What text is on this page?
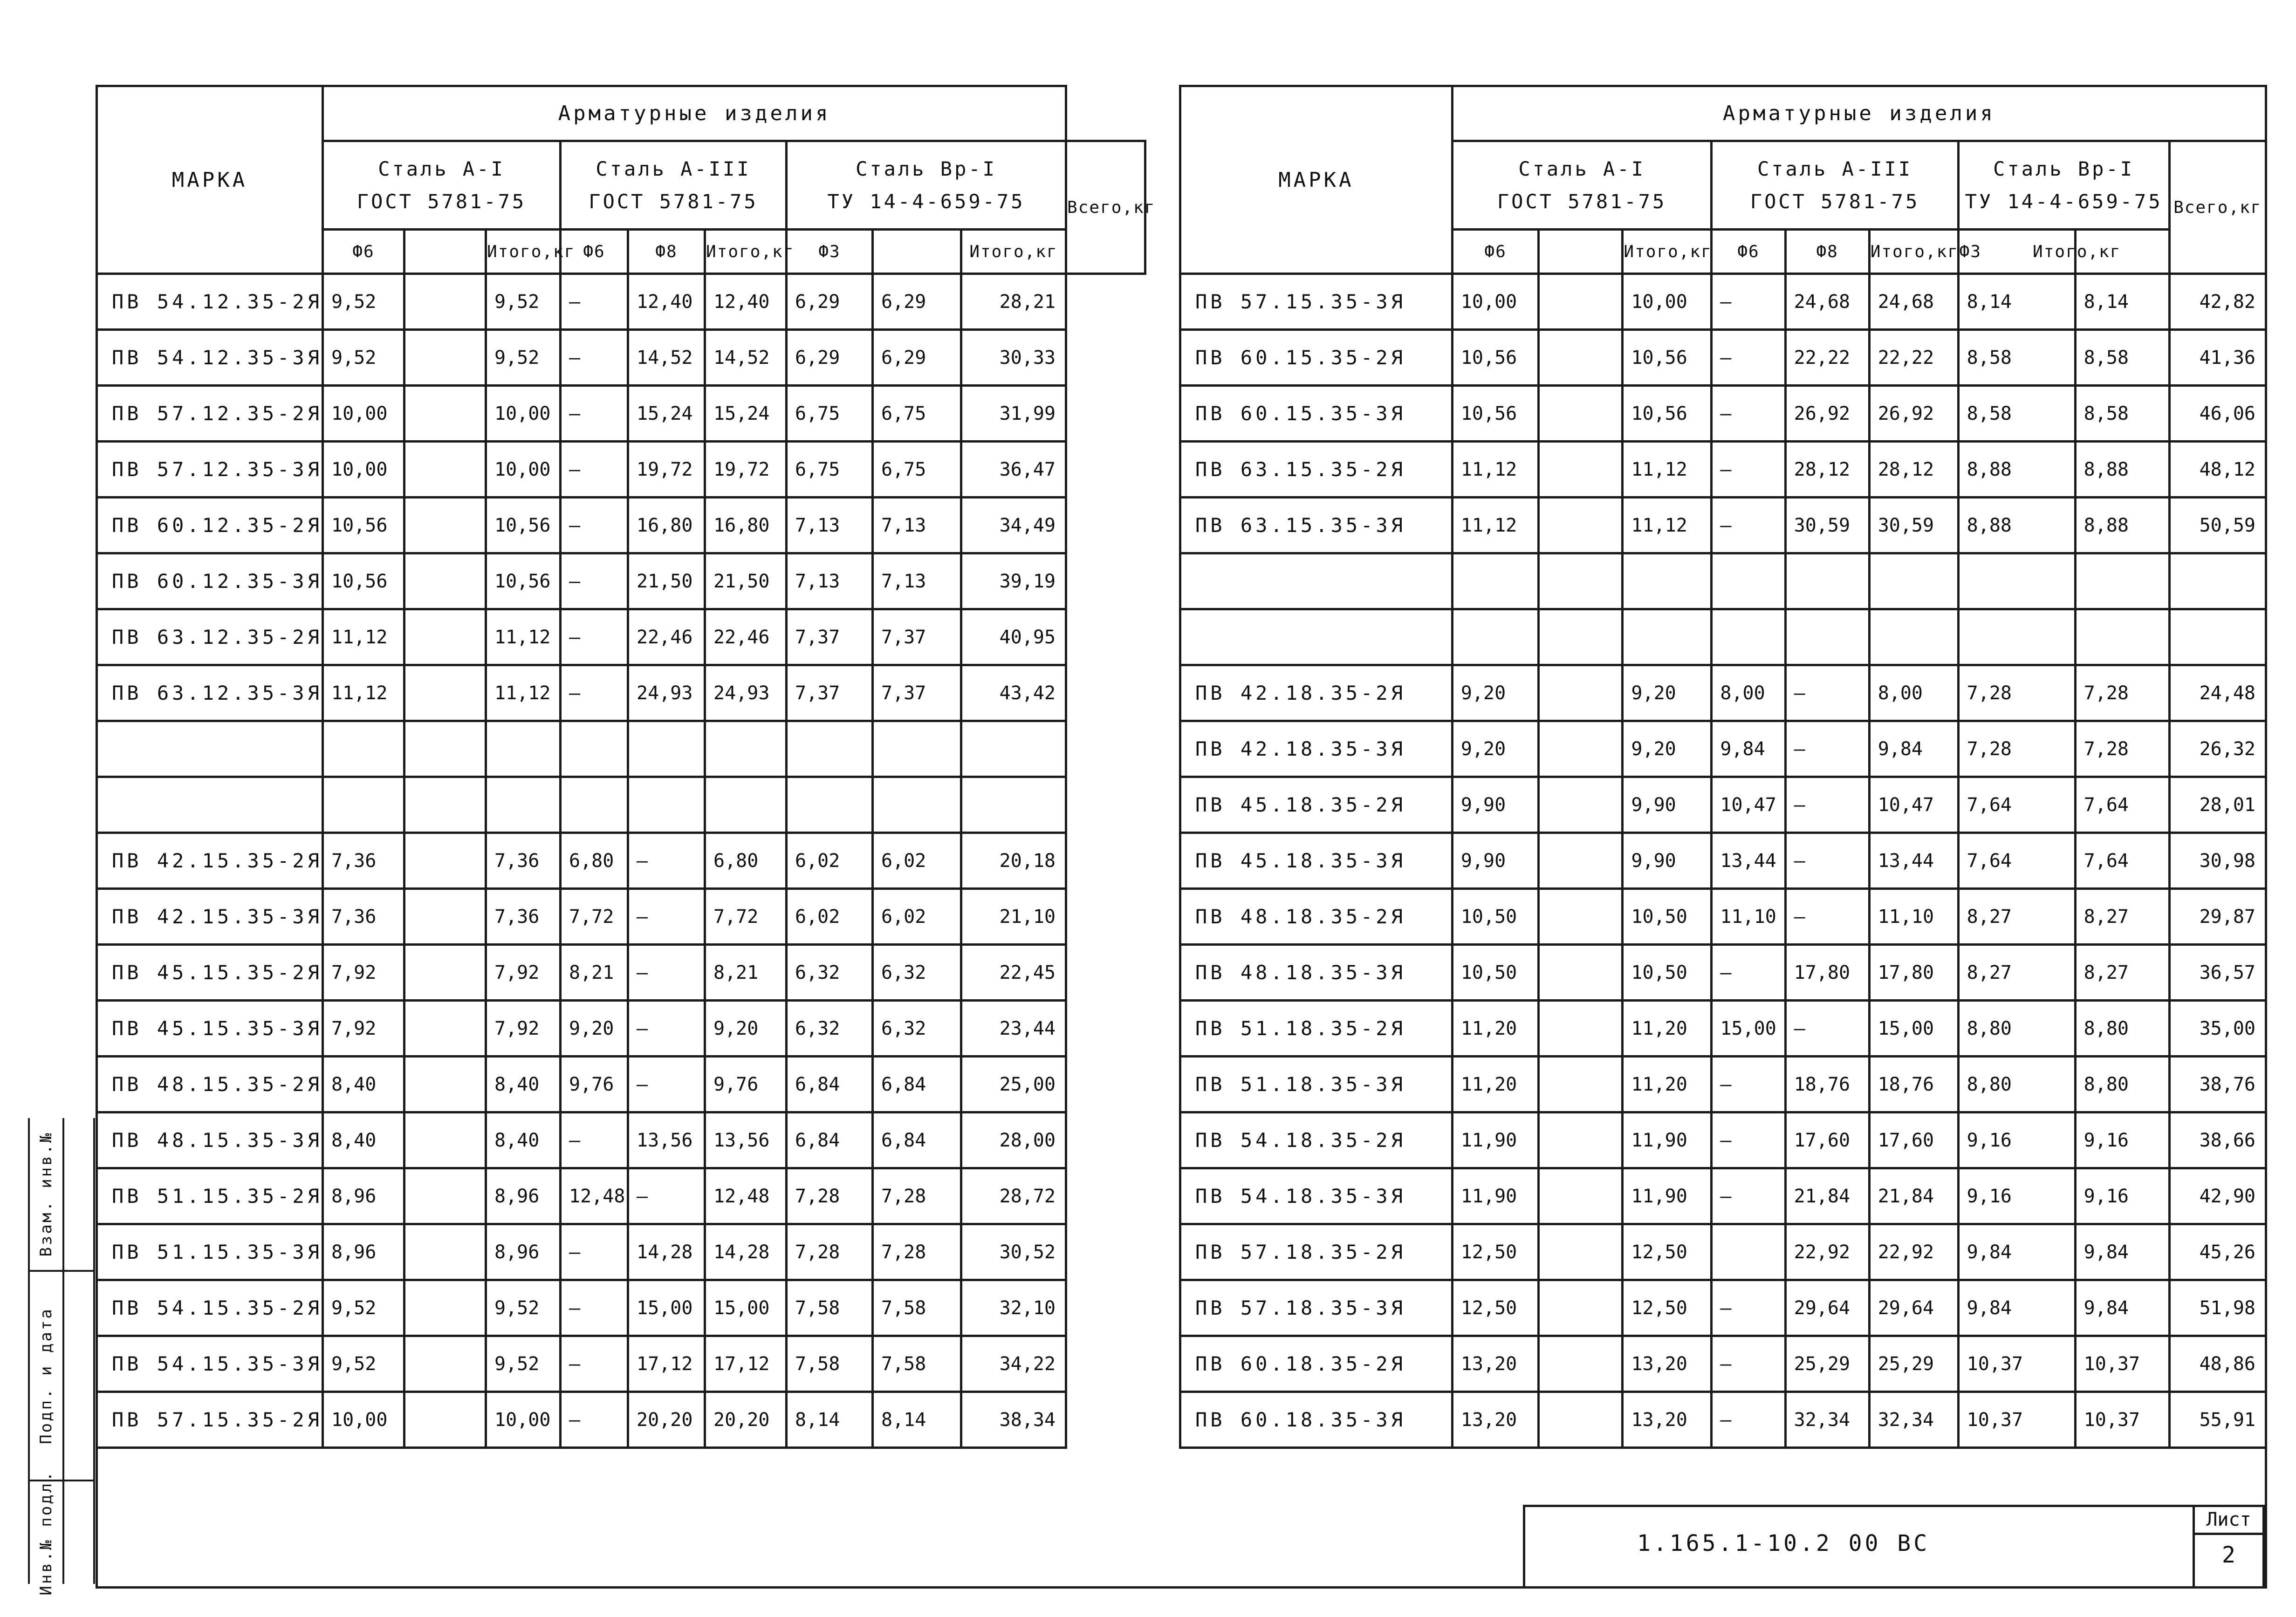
МАРКА	Арматурные изделия									

	Сталь А-I
ГОСТ 5781-75			Сталь А-III
ГОСТ 5781-75			Сталь Вр-I
ТУ 14-4-659-75			Всего,кг
	Ф6		Итого,кг	Ф6	Ф8	Итого,кг	Ф3		Итого,кг	
ПВ 54.12.35-2Я	9,52		9,52	—	12,40	12,40	6,29	6,29	28,21	
ПВ 54.12.35-3Я	9,52		9,52	—	14,52	14,52	6,29	6,29	30,33	
ПВ 57.12.35-2Я	10,00		10,00	—	15,24	15,24	6,75	6,75	31,99	
ПВ 57.12.35-3Я	10,00		10,00	—	19,72	19,72	6,75	6,75	36,47	
ПВ 60.12.35-2Я	10,56		10,56	—	16,80	16,80	7,13	7,13	34,49	
ПВ 60.12.35-3Я	10,56		10,56	—	21,50	21,50	7,13	7,13	39,19	
ПВ 63.12.35-2Я	11,12		11,12	—	22,46	22,46	7,37	7,37	40,95	
ПВ 63.12.35-3Я	11,12		11,12	—	24,93	24,93	7,37	7,37	43,42	

ПВ 42.15.35-2Я	7,36		7,36	6,80	—	6,80	6,02	6,02	20,18	
ПВ 42.15.35-3Я	7,36		7,36	7,72	—	7,72	6,02	6,02	21,10	
ПВ 45.15.35-2Я	7,92		7,92	8,21	—	8,21	6,32	6,32	22,45	
ПВ 45.15.35-3Я	7,92		7,92	9,20	—	9,20	6,32	6,32	23,44	
ПВ 48.15.35-2Я	8,40		8,40	9,76	—	9,76	6,84	6,84	25,00	
ПВ 48.15.35-3Я	8,40		8,40	—	13,56	13,56	6,84	6,84	28,00	
ПВ 51.15.35-2Я	8,96		8,96	12,48	—	12,48	7,28	7,28	28,72	
ПВ 51.15.35-3Я	8,96		8,96	—	14,28	14,28	7,28	7,28	30,52	
ПВ 54.15.35-2Я	9,52		9,52	—	15,00	15,00	7,58	7,58	32,10	
ПВ 54.15.35-3Я	9,52		9,52	—	17,12	17,12	7,58	7,58	34,22	
ПВ 57.15.35-2Я	10,00		10,00	—	20,20	20,20	8,14	8,14	38,34	
МАРКА	Арматурные изделия								

	Сталь А-I
ГОСТ 5781-75			Сталь А-III
ГОСТ 5781-75			Сталь Вр-I
ТУ 14-4-659-75		Всего,кг
	Ф6		Итого,кг	Ф6	Ф8	Итого,кг	Ф3 Итого,кг		
ПВ 57.15.35-3Я	10,00		10,00	—	24,68	24,68	8,14	8,14	42,82
ПВ 60.15.35-2Я	10,56		10,56	—	22,22	22,22	8,58	8,58	41,36
ПВ 60.15.35-3Я	10,56		10,56	—	26,92	26,92	8,58	8,58	46,06
ПВ 63.15.35-2Я	11,12		11,12	—	28,12	28,12	8,88	8,88	48,12
ПВ 63.15.35-3Я	11,12		11,12	—	30,59	30,59	8,88	8,88	50,59

ПВ 42.18.35-2Я	9,20		9,20	8,00	—	8,00	7,28	7,28	24,48
ПВ 42.18.35-3Я	9,20		9,20	9,84	—	9,84	7,28	7,28	26,32
ПВ 45.18.35-2Я	9,90		9,90	10,47	—	10,47	7,64	7,64	28,01
ПВ 45.18.35-3Я	9,90		9,90	13,44	—	13,44	7,64	7,64	30,98
ПВ 48.18.35-2Я	10,50		10,50	11,10	—	11,10	8,27	8,27	29,87
ПВ 48.18.35-3Я	10,50		10,50	—	17,80	17,80	8,27	8,27	36,57
ПВ 51.18.35-2Я	11,20		11,20	15,00	—	15,00	8,80	8,80	35,00
ПВ 51.18.35-3Я	11,20		11,20	—	18,76	18,76	8,80	8,80	38,76
ПВ 54.18.35-2Я	11,90		11,90	—	17,60	17,60	9,16	9,16	38,66
ПВ 54.18.35-3Я	11,90		11,90	—	21,84	21,84	9,16	9,16	42,90
ПВ 57.18.35-2Я	12,50		12,50		22,92	22,92	9,84	9,84	45,26
ПВ 57.18.35-3Я	12,50		12,50	—	29,64	29,64	9,84	9,84	51,98
ПВ 60.18.35-2Я	13,20		13,20	—	25,29	25,29	10,37	10,37	48,86
ПВ 60.18.35-3Я	13,20		13,20	—	32,34	32,34	10,37	10,37	55,91
1.165.1-10.2 00 ВС
Лист
2
Взам. инв.№
Подп. и дата
Инв.№ подл.
